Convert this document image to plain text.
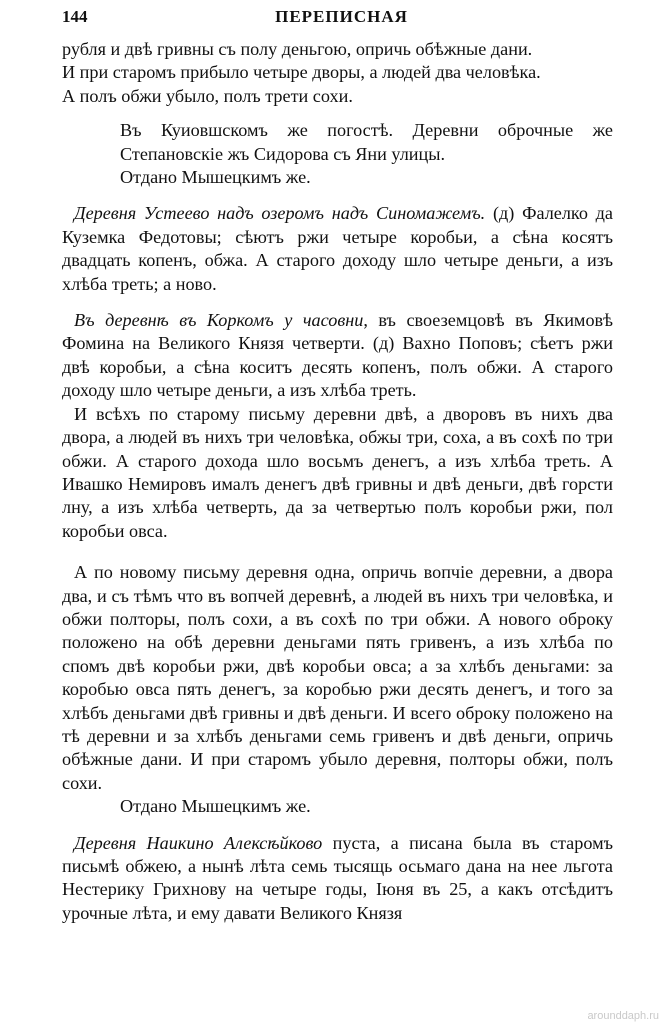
144	ПЕРЕПИСНАЯ

рубля и двѣ гривны съ полу деньгою, опричь обѣжные дани.

И при старомъ прибыло четыре дворы, а людей два человѣка.

А полъ обжи убыло, полъ трети сохи.

Въ Куиовшскомъ же погостѣ. Деревни оброчные же Степановскіе жъ Сидорова съ Яни улицы.

Отдано Мышецкимъ же.

Деревня Устеево надъ озеромъ надъ Синомажемъ. (д) Фалелко да Куземка Федотовы; сѣютъ ржи четыре коробьи, а сѣна косятъ двадцать копенъ, обжа. А старого доходу шло четыре деньги, а изъ хлѣба треть; а ново.

Въ деревнѣ въ Коркомъ у часовни, въ своеземцовѣ въ Якимовѣ Фомина на Великого Князя четверти. (д) Вахно Поповъ; сѣетъ ржи двѣ коробьи, а сѣна коситъ десять копенъ, полъ обжи. А старого доходу шло четыре деньги, а изъ хлѣба треть.

И всѣхъ по старому письму деревни двѣ, а дворовъ въ нихъ два двора, а людей въ нихъ три человѣка, обжы три, соха, а въ сохѣ по три обжи. А старого дохода шло восьмъ денегъ, а изъ хлѣба треть. А Ивашко Немировъ ималъ денегъ двѣ гривны и двѣ деньги, двѣ горсти лну, а изъ хлѣба четверть, да за четвертью полъ коробьи ржи, пол коробьи овса.

А по новому письму деревня одна, опричь вопчіе деревни, а двора два, и съ тѣмъ что въ вопчей деревнѣ, а людей въ нихъ три человѣка, и обжи полторы, полъ сохи, а въ сохѣ по три обжи. А нового оброку положено на обѣ деревни деньгами пять гривенъ, а изъ хлѣба по спомъ двѣ коробьи ржи, двѣ коробьи овса; а за хлѣбъ деньгами: за коробью овса пять денегъ, за коробью ржи десять денегъ, и того за хлѣбъ деньгами двѣ гривны и двѣ деньги. И всего оброку положено на тѣ деревни и за хлѣбъ деньгами семь гривенъ и двѣ деньги, опричь обѣжные дани. И при старомъ убыло деревня, полторы обжи, полъ сохи.

Отдано Мышецкимъ же.

Деревня Наикино Алексѣйково пуста, а писана была въ старомъ письмѣ обжею, а нынѣ лѣта семь тысящь осьмаго дана на нее льгота Нестерику Грихнову на четыре годы, Іюня въ 25, а какъ отсѣдитъ урочные лѣта, и ему давати Великого Князя

arounddaph.ru
